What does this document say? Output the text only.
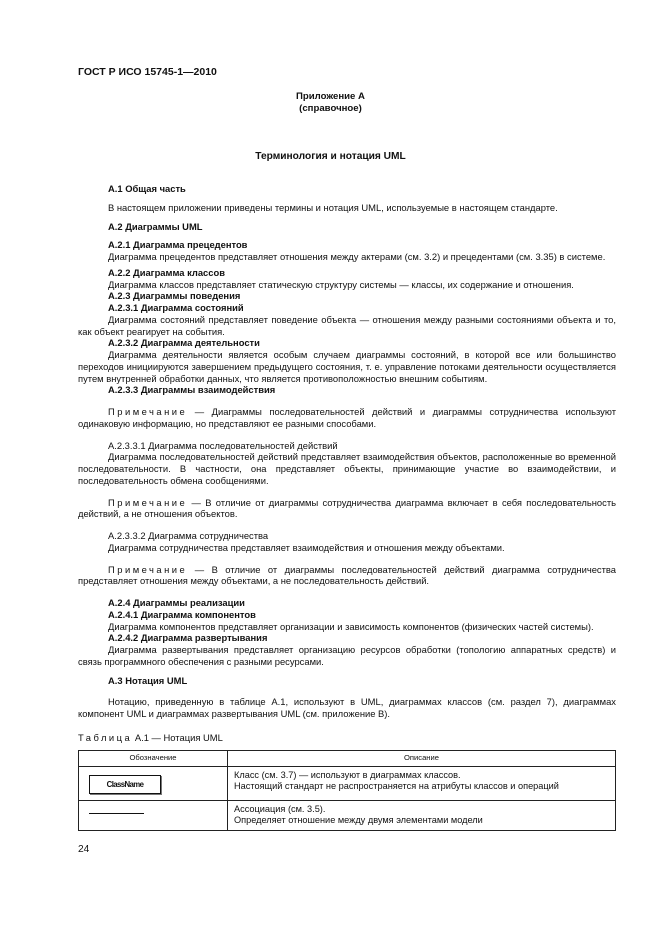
ГОСТ Р ИСО 15745-1—2010
Приложение А
(справочное)
Терминология и нотация UML
А.1 Общая часть
В настоящем приложении приведены термины и нотация UML, используемые в настоящем стандарте.
А.2 Диаграммы UML
А.2.1 Диаграмма прецедентов
Диаграмма прецедентов представляет отношения между актерами (см. 3.2) и прецедентами (см. 3.35) в системе.
А.2.2 Диаграмма классов
Диаграмма классов представляет статическую структуру системы — классы, их содержание и отношения.
А.2.3 Диаграммы поведения
А.2.3.1 Диаграмма состояний
Диаграмма состояний представляет поведение объекта — отношения между разными состояниями объекта и то, как объект реагирует на события.
А.2.3.2 Диаграмма деятельности
Диаграмма деятельности является особым случаем диаграммы состояний, в которой все или большинство переходов инициируются завершением предыдущего состояния, т. е. управление потоками деятельности осуществляется путем внутренней обработки данных, что является противоположностью внешним событиям.
А.2.3.3 Диаграммы взаимодействия
Примечание — Диаграммы последовательностей действий и диаграммы сотрудничества используют одинаковую информацию, но представляют ее разными способами.
А.2.3.3.1 Диаграмма последовательностей действий
Диаграмма последовательностей действий представляет взаимодействия объектов, расположенные во временной последовательности. В частности, она представляет объекты, принимающие участие во взаимодействии, и последовательность обмена сообщениями.
Примечание — В отличие от диаграммы сотрудничества диаграмма включает в себя последовательность действий, а не отношения объектов.
А.2.3.3.2 Диаграмма сотрудничества
Диаграмма сотрудничества представляет взаимодействия и отношения между объектами.
Примечание — В отличие от диаграммы последовательностей действий диаграмма сотрудничества представляет отношения между объектами, а не последовательность действий.
А.2.4 Диаграммы реализации
А.2.4.1 Диаграмма компонентов
Диаграмма компонентов представляет организации и зависимость компонентов (физических частей системы).
А.2.4.2 Диаграмма развертывания
Диаграмма развертывания представляет организацию ресурсов обработки (топологию аппаратных средств) и связь программного обеспечения с разными ресурсами.
А.3 Нотация UML
Нотацию, приведенную в таблице А.1, используют в UML, диаграммах классов (см. раздел 7), диаграммах компонент UML и диаграммах развертывания UML (см. приложение В).
Таблица А.1 — Нотация UML
Обозначение	Описание

ClassName	Класс (см. 3.7) — используют в диаграммах классов.
Настоящий стандарт не распространяется на атрибуты классов и операций

	Ассоциация (см. 3.5).
Определяет отношение между двумя элементами модели
24
